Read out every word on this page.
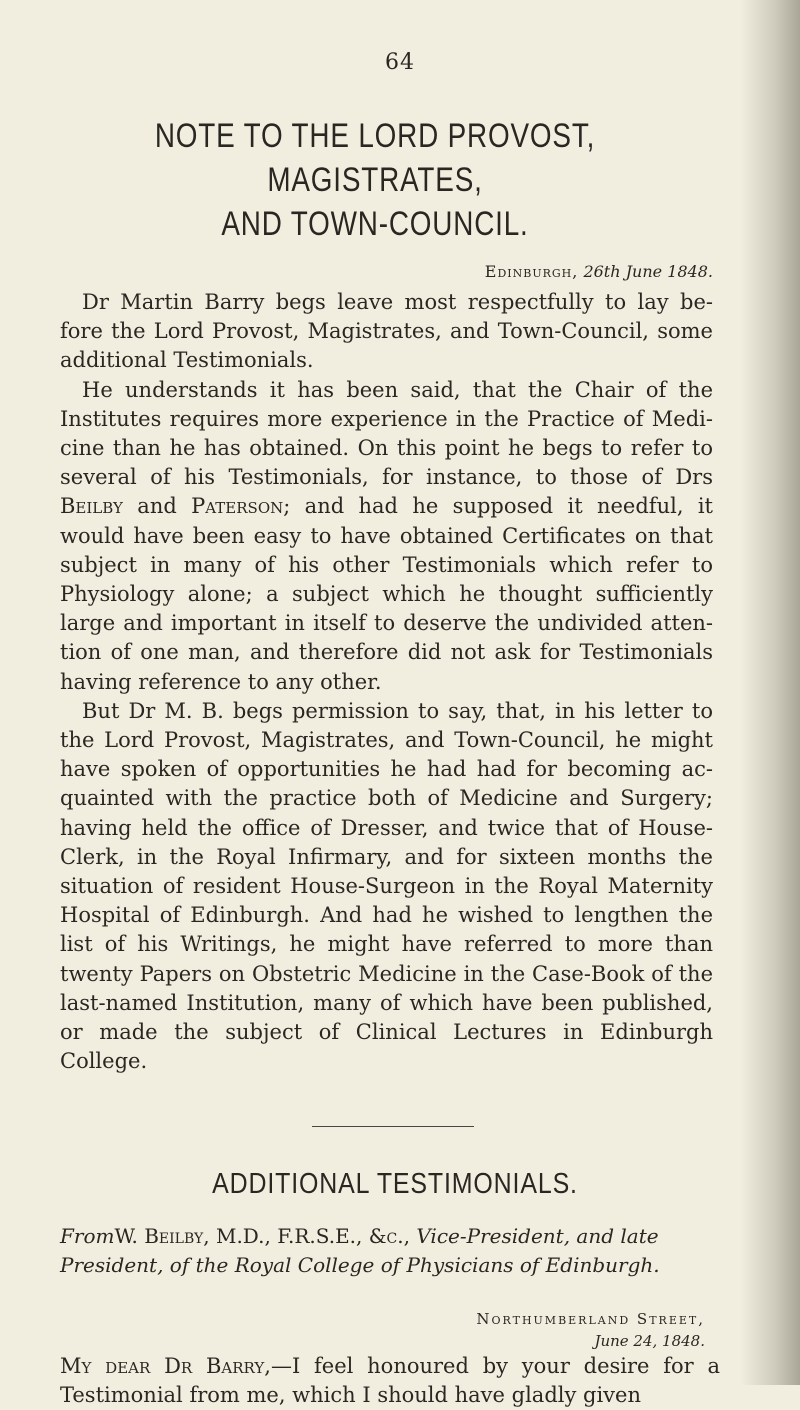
64
NOTE TO THE LORD PROVOST, MAGISTRATES,
AND TOWN-COUNCIL.
Edinburgh, 26th June 1848.

Dr Martin Barry begs leave most respectfully to lay be- fore the Lord Provost, Magistrates, and Town-Council, some additional Testimonials.

He understands it has been said, that the Chair of the Institutes requires more experience in the Practice of Medi- cine than he has obtained. On this point he begs to refer to several of his Testimonials, for instance, to those of Drs Beilby and Paterson; and had he supposed it needful, it would have been easy to have obtained Certificates on that subject in many of his other Testimonials which refer to Physiology alone; a subject which he thought sufficiently large and important in itself to deserve the undivided atten- tion of one man, and therefore did not ask for Testimonials having reference to any other.

But Dr M. B. begs permission to say, that, in his letter to the Lord Provost, Magistrates, and Town-Council, he might have spoken of opportunities he had had for becoming ac- quainted with the practice both of Medicine and Surgery; having held the office of Dresser, and twice that of House- Clerk, in the Royal Infirmary, and for sixteen months the situation of resident House-Surgeon in the Royal Maternity Hospital of Edinburgh. And had he wished to lengthen the list of his Writings, he might have referred to more than twenty Papers on Obstetric Medicine in the Case-Book of the last-named Institution, many of which have been published, or made the subject of Clinical Lectures in Edinburgh College.

ADDITIONAL TESTIMONIALS.
FromW. Beilby, M.D., F.R.S.E., &c., Vice-President, and late President, of the Royal College of Physicians of Edinburgh.
Northumberland Street,
June 24, 1848.
My dear Dr Barry,—I feel honoured by your desire for a Testimonial from me, which I should have gladly given
